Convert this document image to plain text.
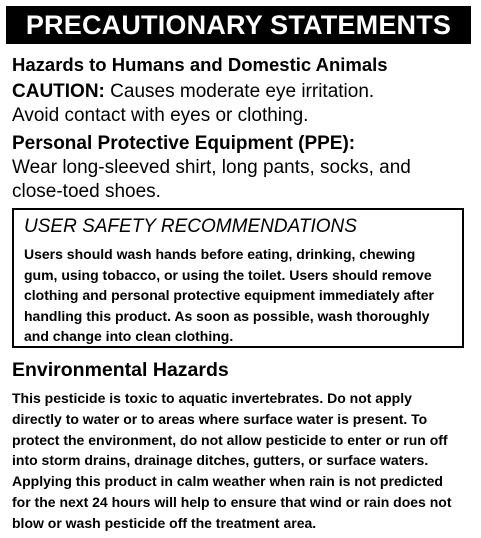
PRECAUTIONARY STATEMENTS
Hazards to Humans and Domestic Animals
CAUTION: Causes moderate eye irritation.
Avoid contact with eyes or clothing.
Personal Protective Equipment (PPE):
Wear long-sleeved shirt, long pants, socks, and
close-toed shoes.
USER SAFETY RECOMMENDATIONS
Users should wash hands before eating, drinking, chewing
gum, using tobacco, or using the toilet. Users should remove
clothing and personal protective equipment immediately after
handling this product. As soon as possible, wash thoroughly
and change into clean clothing.
Environmental Hazards
This pesticide is toxic to aquatic invertebrates. Do not apply
directly to water or to areas where surface water is present. To
protect the environment, do not allow pesticide to enter or run off
into storm drains, drainage ditches, gutters, or surface waters.
Applying this product in calm weather when rain is not predicted
for the next 24 hours will help to ensure that wind or rain does not
blow or wash pesticide off the treatment area.
